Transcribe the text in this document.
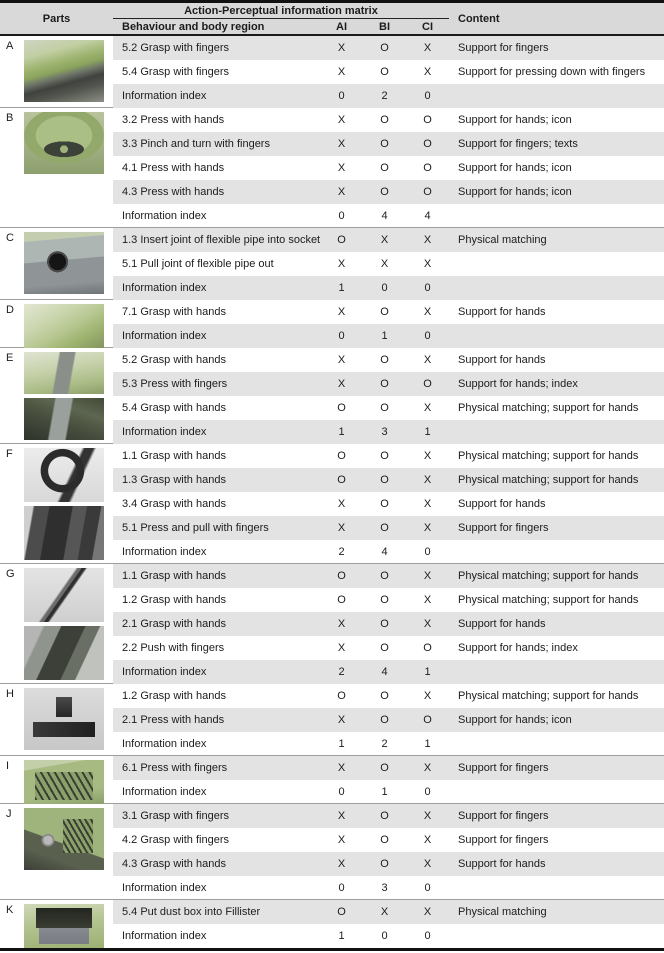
Parts
Action-Perceptual information matrix
Behaviour and body region	AI	BI	CI
Content
A	5.2 Grasp with fingers	X	O	X	Support for fingers
5.4 Grasp with fingers	X	O	X	Support for pressing down with fingers
Information index	0	2	0
B	3.2 Press with hands	X	O	O	Support for hands; icon
3.3 Pinch and turn with fingers	X	O	O	Support for fingers; texts
4.1 Press with hands	X	O	O	Support for hands; icon
4.3 Press with hands	X	O	O	Support for hands; icon
Information index	0	4	4
C	1.3 Insert joint of flexible pipe into socket	O	X	X	Physical matching
5.1 Pull joint of flexible pipe out	X	X	X
Information index	1	0	0
D	7.1 Grasp with hands	X	O	X	Support for hands
Information index	0	1	0
E	5.2 Grasp with hands	X	O	X	Support for hands
5.3 Press with fingers	X	O	O	Support for hands; index
5.4 Grasp with hands	O	O	X	Physical matching; support for hands
Information index	1	3	1
F	1.1 Grasp with hands	O	O	X	Physical matching; support for hands
1.3 Grasp with hands	O	O	X	Physical matching; support for hands
3.4 Grasp with hands	X	O	X	Support for hands
5.1 Press and pull with fingers	X	O	X	Support for fingers
Information index	2	4	0
G	1.1 Grasp with hands	O	O	X	Physical matching; support for hands
1.2 Grasp with hands	O	O	X	Physical matching; support for hands
2.1 Grasp with hands	X	O	X	Support for hands
2.2 Push with fingers	X	O	O	Support for hands; index
Information index	2	4	1
H	1.2 Grasp with hands	O	O	X	Physical matching; support for hands
2.1 Press with hands	X	O	O	Support for hands; icon
Information index	1	2	1
I	6.1 Press with fingers	X	O	X	Support for fingers
Information index	0	1	0
J	3.1 Grasp with fingers	X	O	X	Support for fingers
4.2 Grasp with fingers	X	O	X	Support for fingers
4.3 Grasp with hands	X	O	X	Support for hands
Information index	0	3	0
K	5.4 Put dust box into Fillister	O	X	X	Physical matching
Information index	1	0	0
